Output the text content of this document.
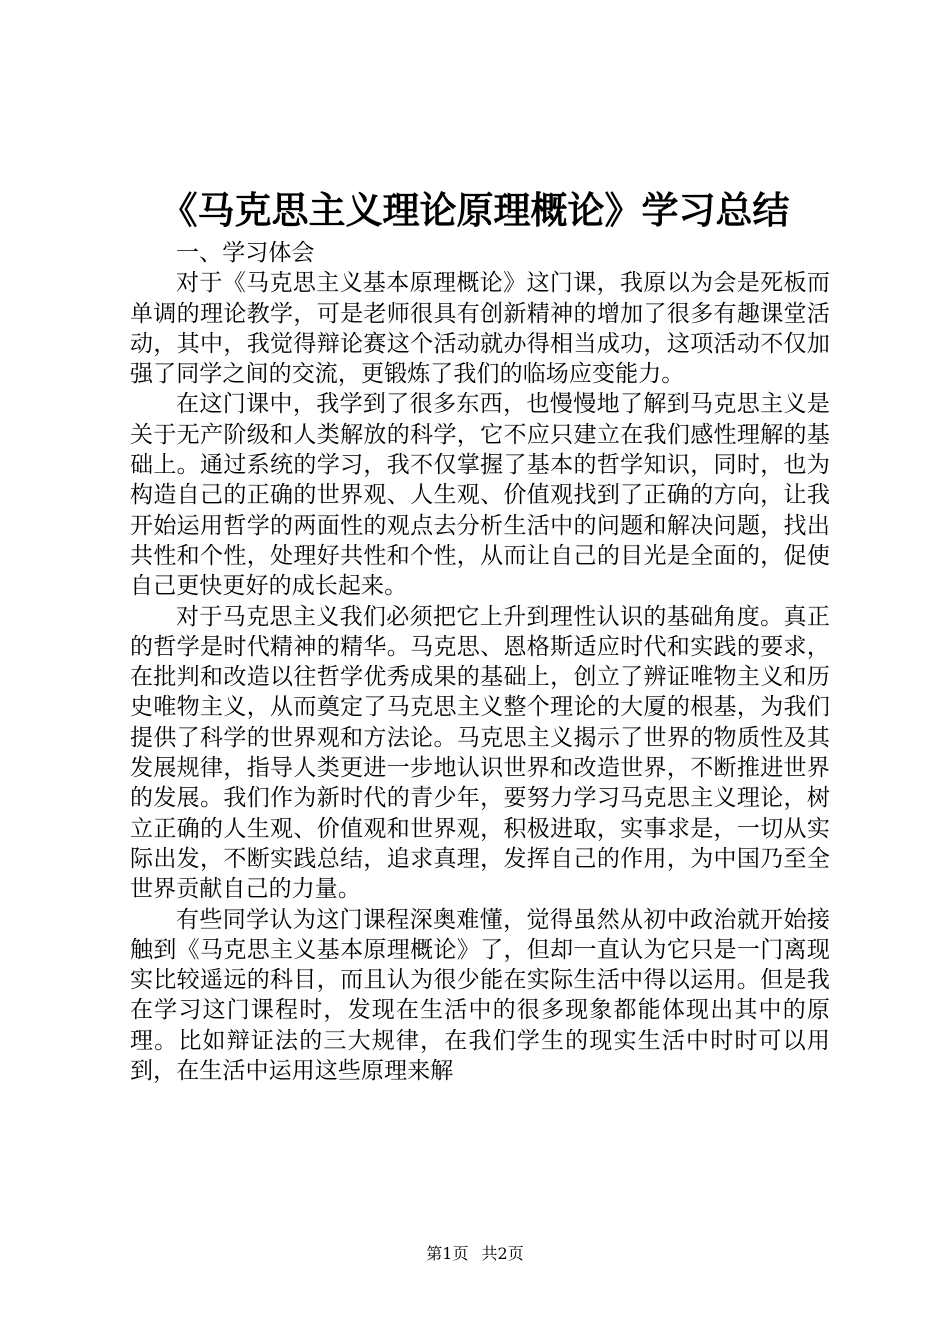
《马克思主义理论原理概论》学习总结

一、学习体会

对于《马克思主义基本原理概论》这门课，我原以为会是死板而单调的理论教学，可是老师很具有创新精神的增加了很多有趣课堂活动，其中，我觉得辩论赛这个活动就办得相当成功，这项活动不仅加强了同学之间的交流，更锻炼了我们的临场应变能力。

在这门课中，我学到了很多东西，也慢慢地了解到马克思主义是关于无产阶级和人类解放的科学，它不应只建立在我们感性理解的基础上。通过系统的学习，我不仅掌握了基本的哲学知识，同时，也为构造自己的正确的世界观、人生观、价值观找到了正确的方向，让我开始运用哲学的两面性的观点去分析生活中的问题和解决问题，找出共性和个性，处理好共性和个性，从而让自己的目光是全面的，促使自己更快更好的成长起来。

对于马克思主义我们必须把它上升到理性认识的基础角度。真正的哲学是时代精神的精华。马克思、恩格斯适应时代和实践的要求，在批判和改造以往哲学优秀成果的基础上，创立了辨证唯物主义和历史唯物主义，从而奠定了马克思主义整个理论的大厦的根基，为我们提供了科学的世界观和方法论。马克思主义揭示了世界的物质性及其发展规律，指导人类更进一步地认识世界和改造世界，不断推进世界的发展。我们作为新时代的青少年，要努力学习马克思主义理论，树立正确的人生观、价值观和世界观，积极进取，实事求是，一切从实际出发，不断实践总结，追求真理，发挥自己的作用，为中国乃至全世界贡献自己的力量。

有些同学认为这门课程深奥难懂，觉得虽然从初中政治就开始接触到《马克思主义基本原理概论》了，但却一直认为它只是一门离现实比较遥远的科目，而且认为很少能在实际生活中得以运用。但是我在学习这门课程时，发现在生活中的很多现象都能体现出其中的原理。比如辩证法的三大规律，在我们学生的现实生活中时时可以用到，在生活中运用这些原理来解

第1页 共2页
